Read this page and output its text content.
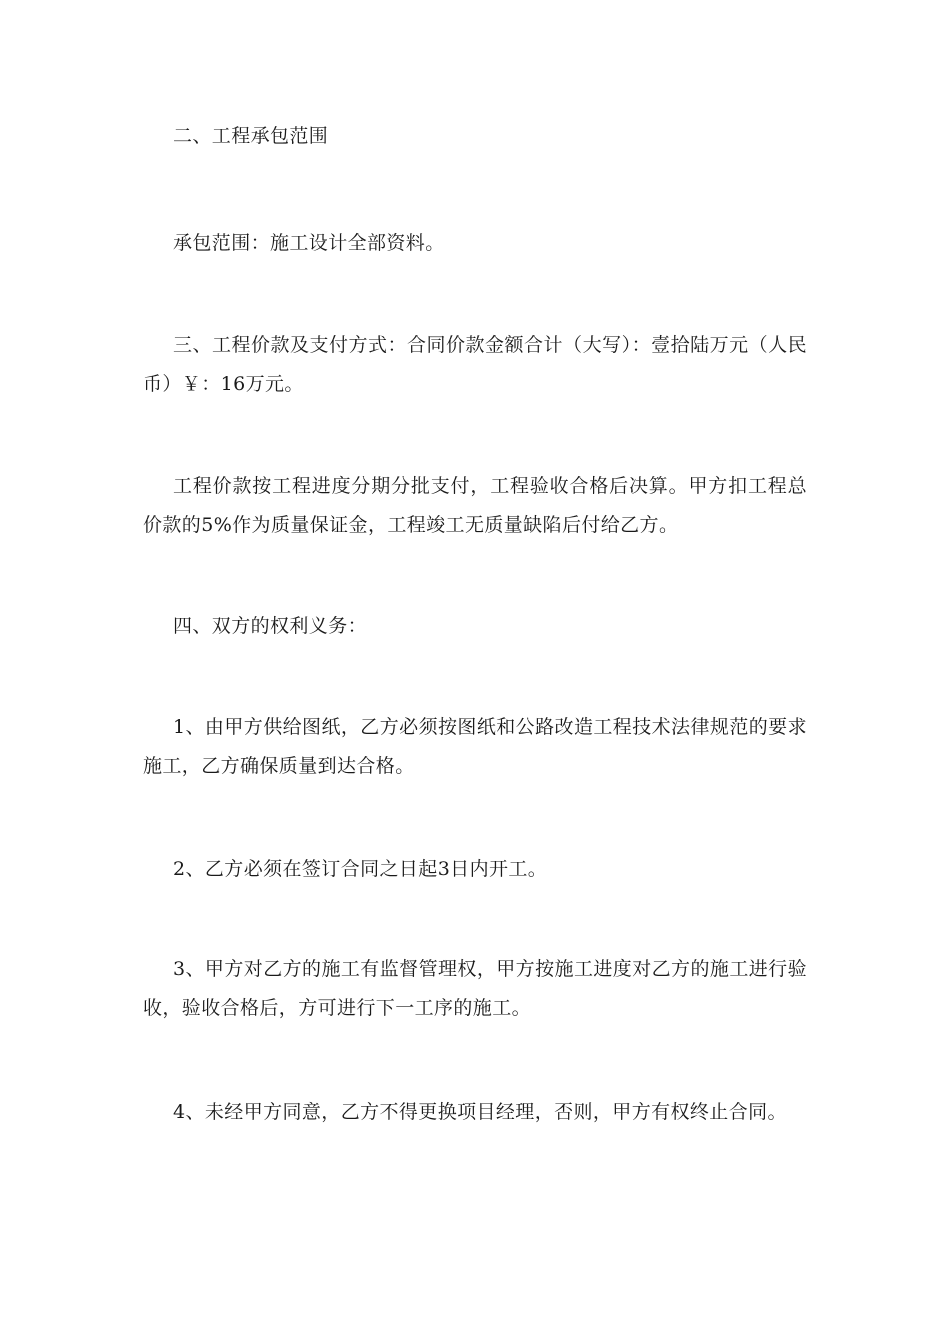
二、工程承包范围

承包范围：施工设计全部资料。

三、工程价款及支付方式：合同价款金额合计（大写）：壹拾陆万元（人民币）￥：16万元。

工程价款按工程进度分期分批支付，工程验收合格后决算。甲方扣工程总价款的5%作为质量保证金，工程竣工无质量缺陷后付给乙方。

四、双方的权利义务：

1、由甲方供给图纸，乙方必须按图纸和公路改造工程技术法律规范的要求施工，乙方确保质量到达合格。

2、乙方必须在签订合同之日起3日内开工。

3、甲方对乙方的施工有监督管理权，甲方按施工进度对乙方的施工进行验收，验收合格后，方可进行下一工序的施工。

4、未经甲方同意，乙方不得更换项目经理，否则，甲方有权终止合同。
